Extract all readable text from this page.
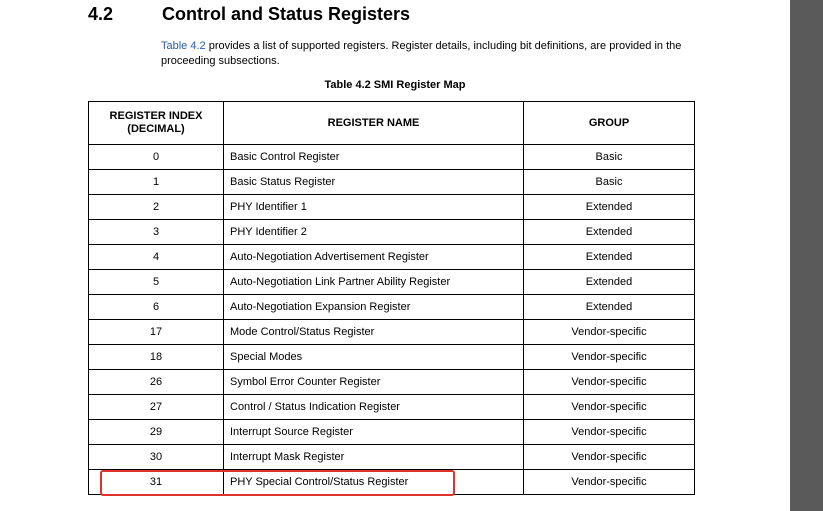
4.2	Control and Status Registers
Table 4.2 provides a list of supported registers. Register details, including bit definitions, are provided in the proceeding subsections.
Table 4.2 SMI Register Map
REGISTER INDEX (DECIMAL)	REGISTER NAME	GROUP
0	Basic Control Register	Basic
1	Basic Status Register	Basic
2	PHY Identifier 1	Extended
3	PHY Identifier 2	Extended
4	Auto-Negotiation Advertisement Register	Extended
5	Auto-Negotiation Link Partner Ability Register	Extended
6	Auto-Negotiation Expansion Register	Extended
17	Mode Control/Status Register	Vendor-specific
18	Special Modes	Vendor-specific
26	Symbol Error Counter Register	Vendor-specific
27	Control / Status Indication Register	Vendor-specific
29	Interrupt Source Register	Vendor-specific
30	Interrupt Mask Register	Vendor-specific
31	PHY Special Control/Status Register	Vendor-specific
